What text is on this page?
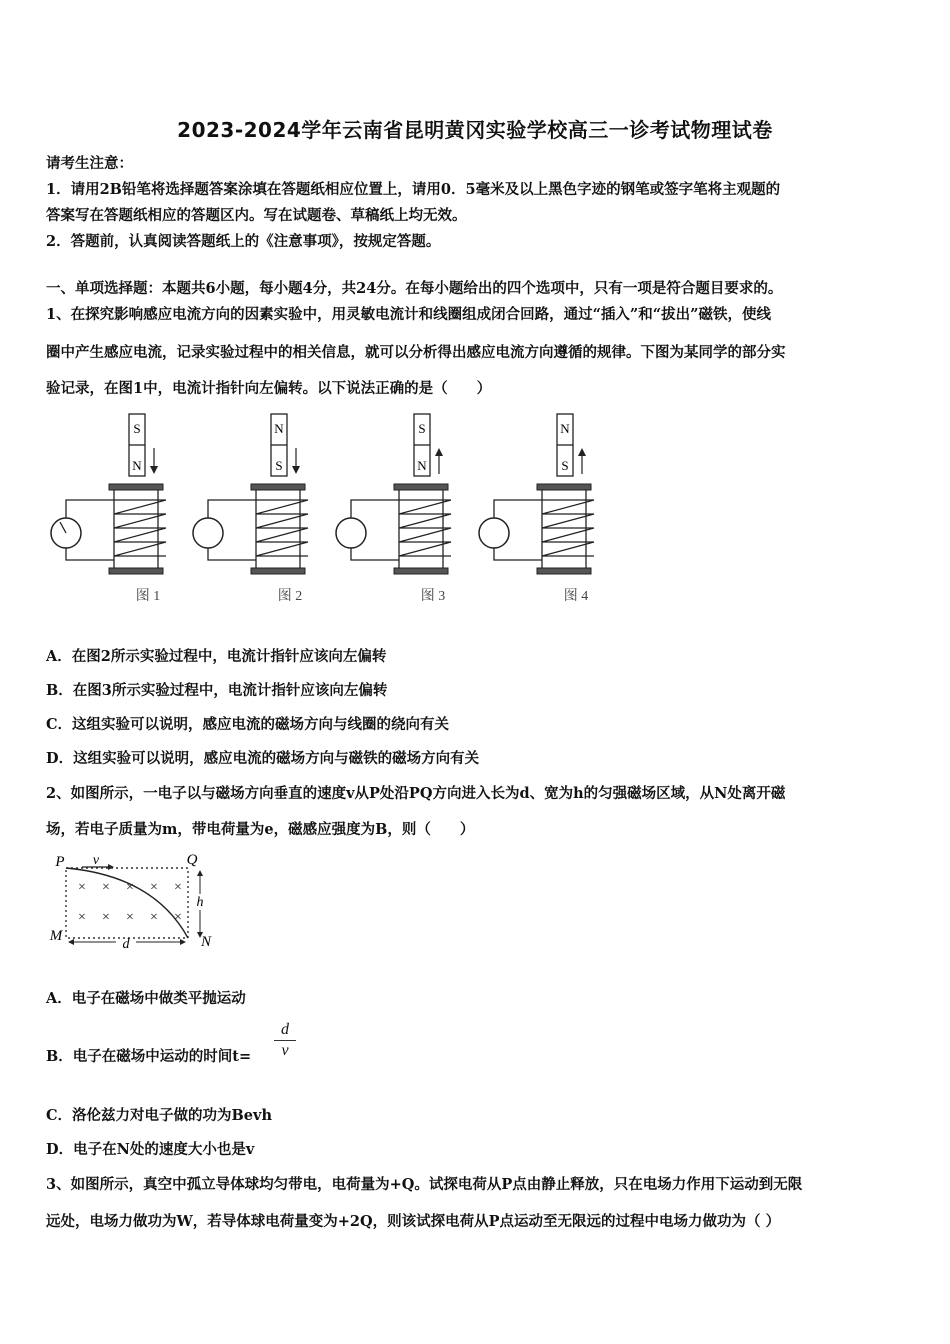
2023-2024学年云南省昆明黄冈实验学校高三一诊考试物理试卷
请考生注意：
1．请用2B铅笔将选择题答案涂填在答题纸相应位置上，请用0．5毫米及以上黑色字迹的钢笔或签字笔将主观题的
答案写在答题纸相应的答题区内。写在试题卷、草稿纸上均无效。
2．答题前，认真阅读答题纸上的《注意事项》，按规定答题。
一、单项选择题：本题共6小题，每小题4分，共24分。在每小题给出的四个选项中，只有一项是符合题目要求的。
1、在探究影响感应电流方向的因素实验中，用灵敏电流计和线圈组成闭合回路，通过“插入”和“拔出”磁铁，使线
圈中产生感应电流，记录实验过程中的相关信息，就可以分析得出感应电流方向遵循的规律。下图为某同学的部分实
验记录，在图1中，电流计指针向左偏转。以下说法正确的是（　　）
S
N
图 1
N
S
图 2
S
N
图 3
N
S
图 4
A．在图2所示实验过程中，电流计指针应该向左偏转
B．在图3所示实验过程中，电流计指针应该向左偏转
C．这组实验可以说明，感应电流的磁场方向与线圈的绕向有关
D．这组实验可以说明，感应电流的磁场方向与磁铁的磁场方向有关
2、如图所示，一电子以与磁场方向垂直的速度v从P处沿PQ方向进入长为d、宽为h的匀强磁场区域，从N处离开磁
场，若电子质量为m，带电荷量为e，磁感应强度为B，则（　　）
P v	Q
h
M
d	N
× × × × ×
× × × × ×
A．电子在磁场中做类平抛运动
B．电子在磁场中运动的时间$t= \frac{d}{v}$
C．洛伦兹力对电子做的功为Bevh
D．电子在N处的速度大小也是v
3、如图所示，真空中孤立导体球均匀带电，电荷量为+Q。试探电荷从P点由静止释放，只在电场力作用下运动到无限
远处，电场力做功为W，若导体球电荷量变为+2Q，则该试探电荷从P点运动至无限远的过程中电场力做功为（ ）
